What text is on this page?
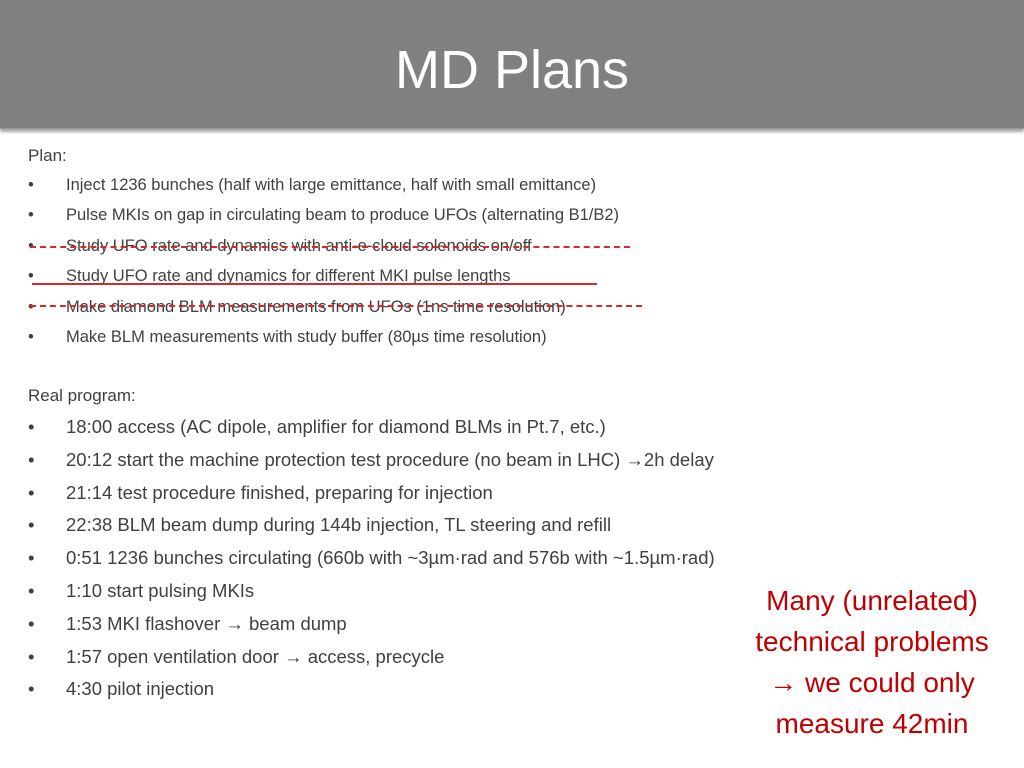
MD Plans
Plan:
• Inject 1236 bunches (half with large emittance, half with small emittance)
• Pulse MKIs on gap in circulating beam to produce UFOs (alternating B1/B2)
• Study UFO rate and dynamics with anti-e-cloud solenoids on/off
• Study UFO rate and dynamics for different MKI pulse lengths
• Make diamond BLM measurements from UFOs (1ns time resolution)
• Make BLM measurements with study buffer (80µs time resolution)
Real program:
• 18:00 access (AC dipole, amplifier for diamond BLMs in Pt.7, etc.)
• 20:12 start the machine protection test procedure (no beam in LHC) →2h delay
• 21:14 test procedure finished, preparing for injection
• 22:38 BLM beam dump during 144b injection, TL steering and refill
• 0:51 1236 bunches circulating (660b with ~3µm·rad and 576b with ~1.5µm·rad)
• 1:10 start pulsing MKIs
• 1:53 MKI flashover → beam dump
• 1:57 open ventilation door → access, precycle
• 4:30 pilot injection
Many (unrelated)
technical problems
→ we could only
measure 42min
